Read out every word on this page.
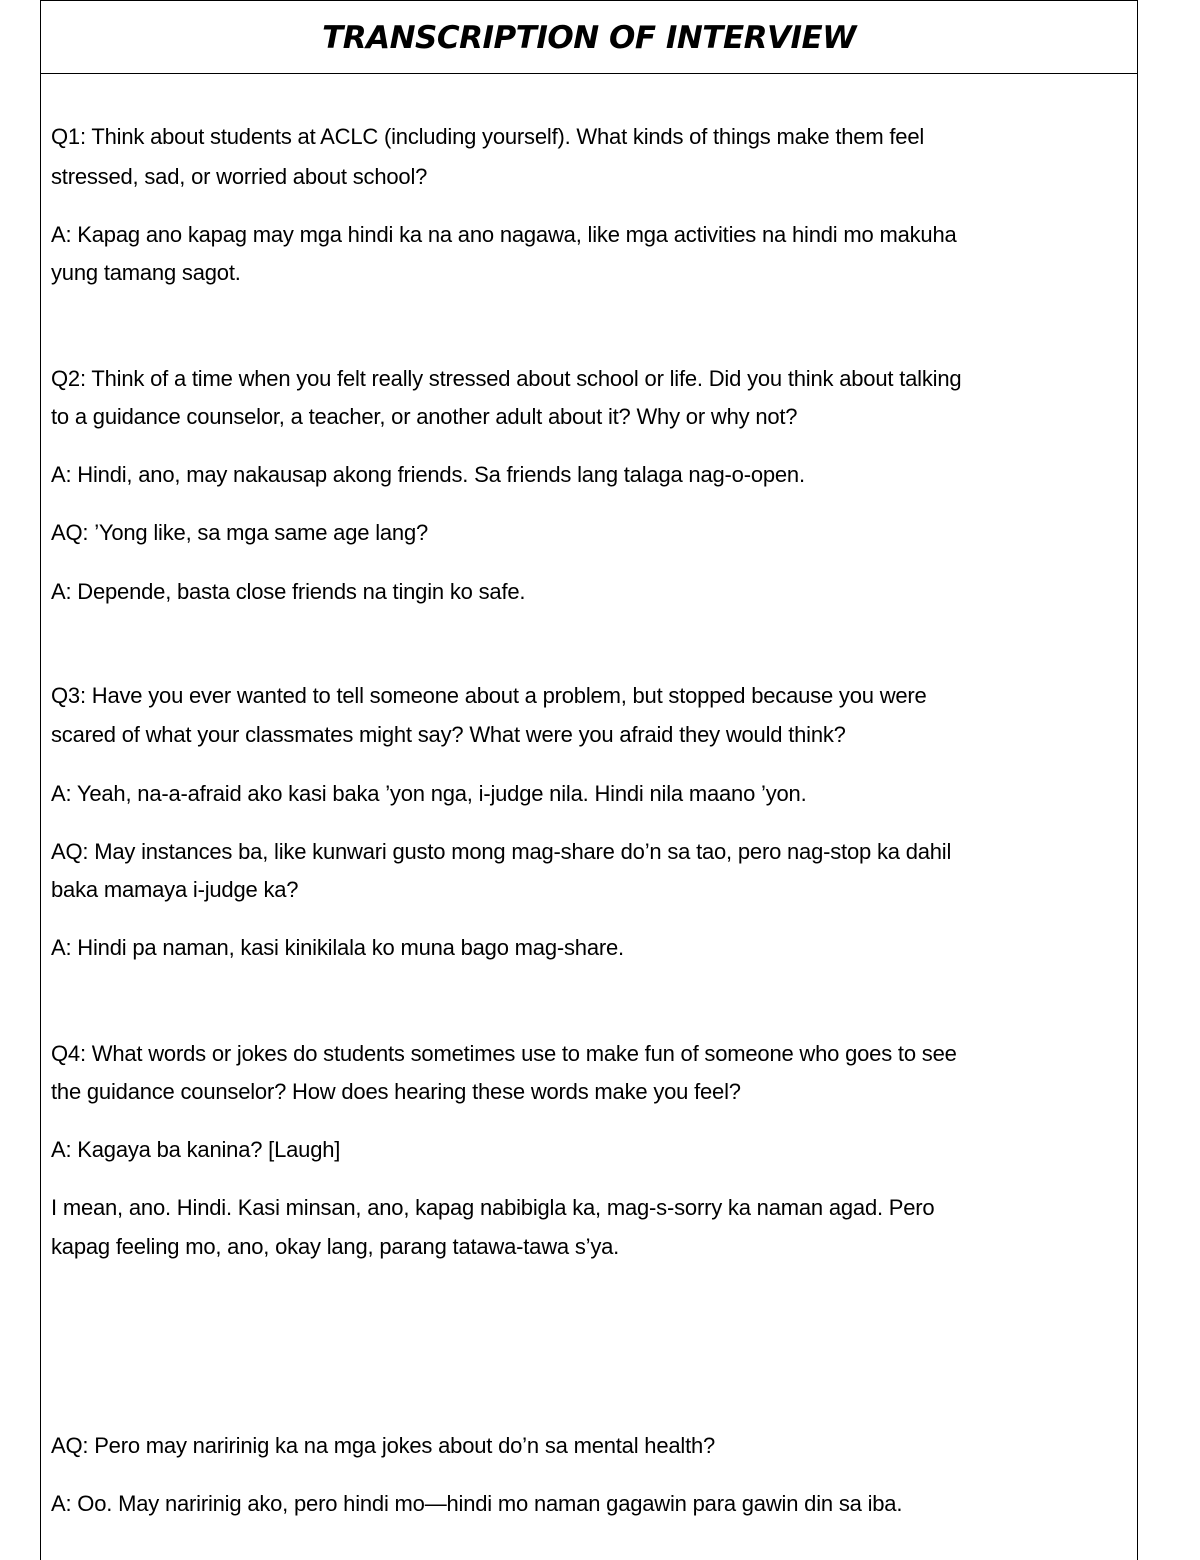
TRANSCRIPTION OF INTERVIEW
Q1: Think about students at ACLC (including yourself). What kinds of things make them feel
stressed, sad, or worried about school?
A: Kapag ano kapag may mga hindi ka na ano nagawa, like mga activities na hindi mo makuha
yung tamang sagot.
Q2: Think of a time when you felt really stressed about school or life. Did you think about talking
to a guidance counselor, a teacher, or another adult about it? Why or why not?
A: Hindi, ano, may nakausap akong friends. Sa friends lang talaga nag-o-open.
AQ: ’Yong like, sa mga same age lang?
A: Depende, basta close friends na tingin ko safe.
Q3: Have you ever wanted to tell someone about a problem, but stopped because you were
scared of what your classmates might say? What were you afraid they would think?
A: Yeah, na-a-afraid ako kasi baka ’yon nga, i-judge nila. Hindi nila maano ’yon.
AQ: May instances ba, like kunwari gusto mong mag-share do’n sa tao, pero nag-stop ka dahil
baka mamaya i-judge ka?
A: Hindi pa naman, kasi kinikilala ko muna bago mag-share.
Q4: What words or jokes do students sometimes use to make fun of someone who goes to see
the guidance counselor? How does hearing these words make you feel?
A: Kagaya ba kanina? [Laugh]
I mean, ano. Hindi. Kasi minsan, ano, kapag nabibigla ka, mag-s-sorry ka naman agad. Pero
kapag feeling mo, ano, okay lang, parang tatawa-tawa s’ya.
AQ: Pero may naririnig ka na mga jokes about do’n sa mental health?
A: Oo. May naririnig ako, pero hindi mo—hindi mo naman gagawin para gawin din sa iba.
